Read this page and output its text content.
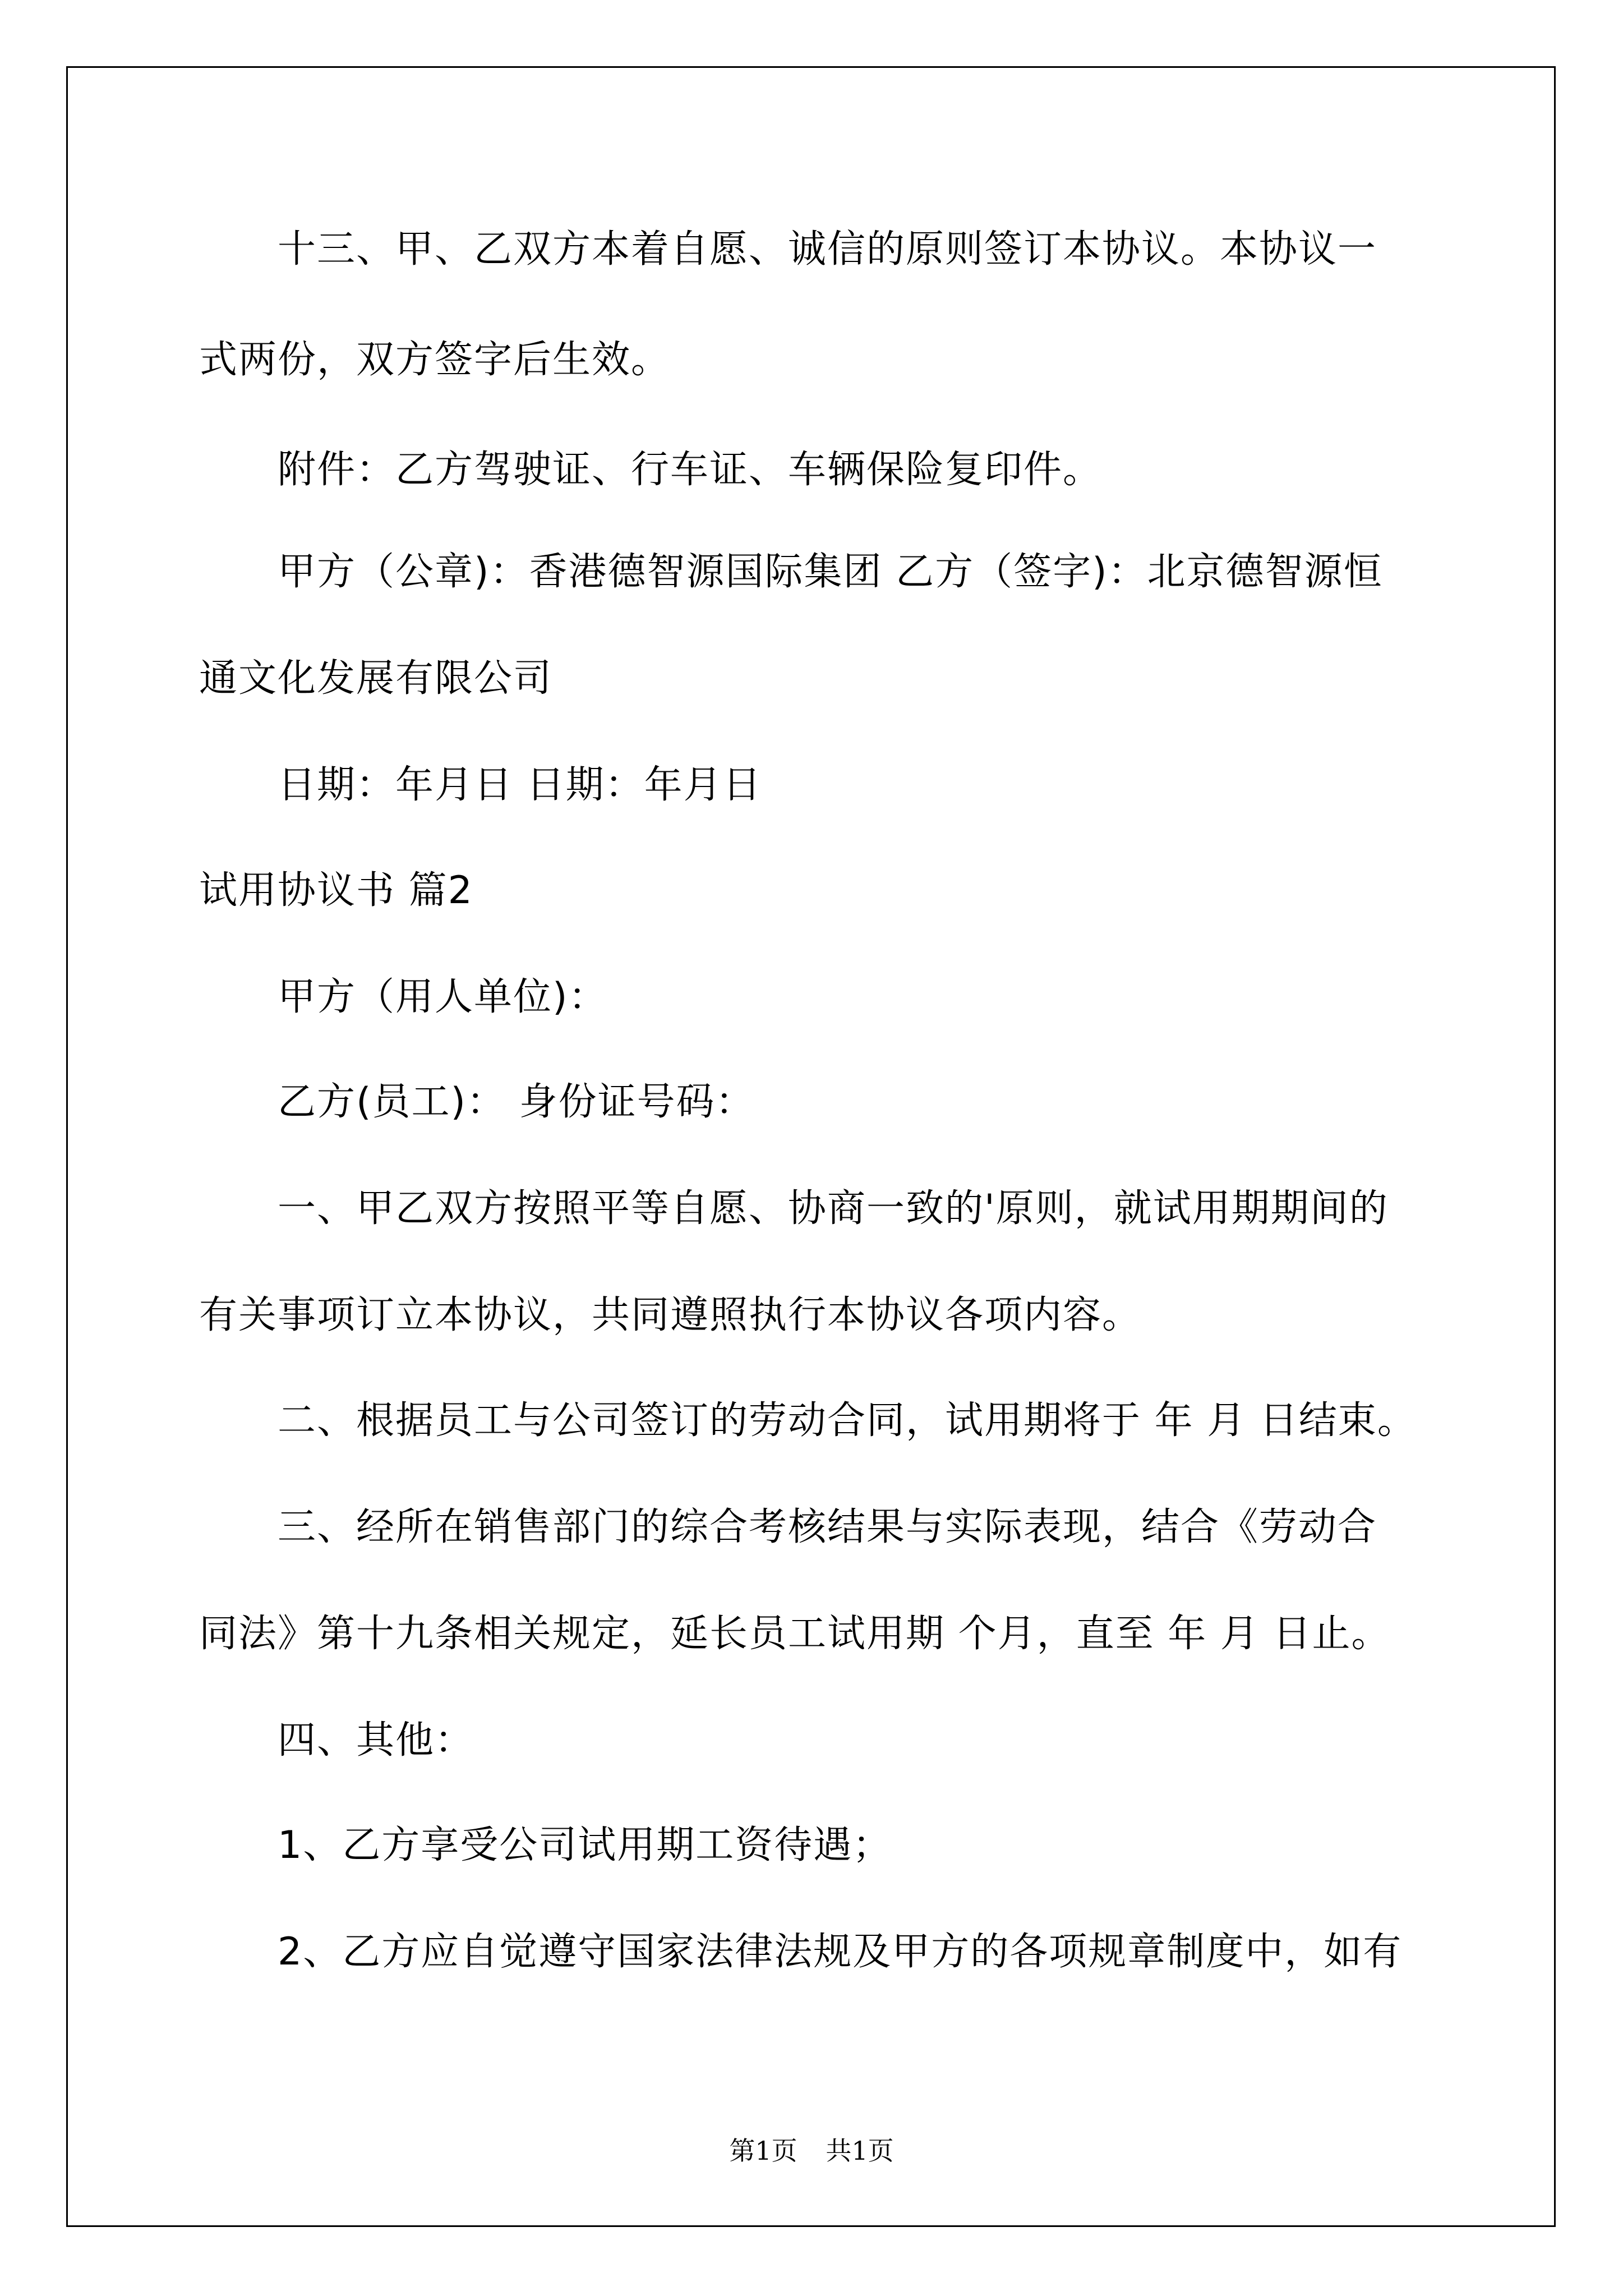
十三、甲、乙双方本着自愿、诚信的原则签订本协议。本协议一
式两份，双方签字后生效。
附件：乙方驾驶证、行车证、车辆保险复印件。
甲方（公章)：香港德智源国际集团 乙方（签字)：北京德智源恒
通文化发展有限公司
日期：年月日 日期：年月日
试用协议书 篇2
甲方（用人单位)：
乙方(员工)： 身份证号码：
一、甲乙双方按照平等自愿、协商一致的'原则，就试用期期间的
有关事项订立本协议，共同遵照执行本协议各项内容。
二、根据员工与公司签订的劳动合同，试用期将于 年 月 日结束。
三、经所在销售部门的综合考核结果与实际表现，结合《劳动合
同法》第十九条相关规定，延长员工试用期 个月，直至 年 月 日止。
四、其他：
1、乙方享受公司试用期工资待遇；
2、乙方应自觉遵守国家法律法规及甲方的各项规章制度中，如有
第1页 共1页
